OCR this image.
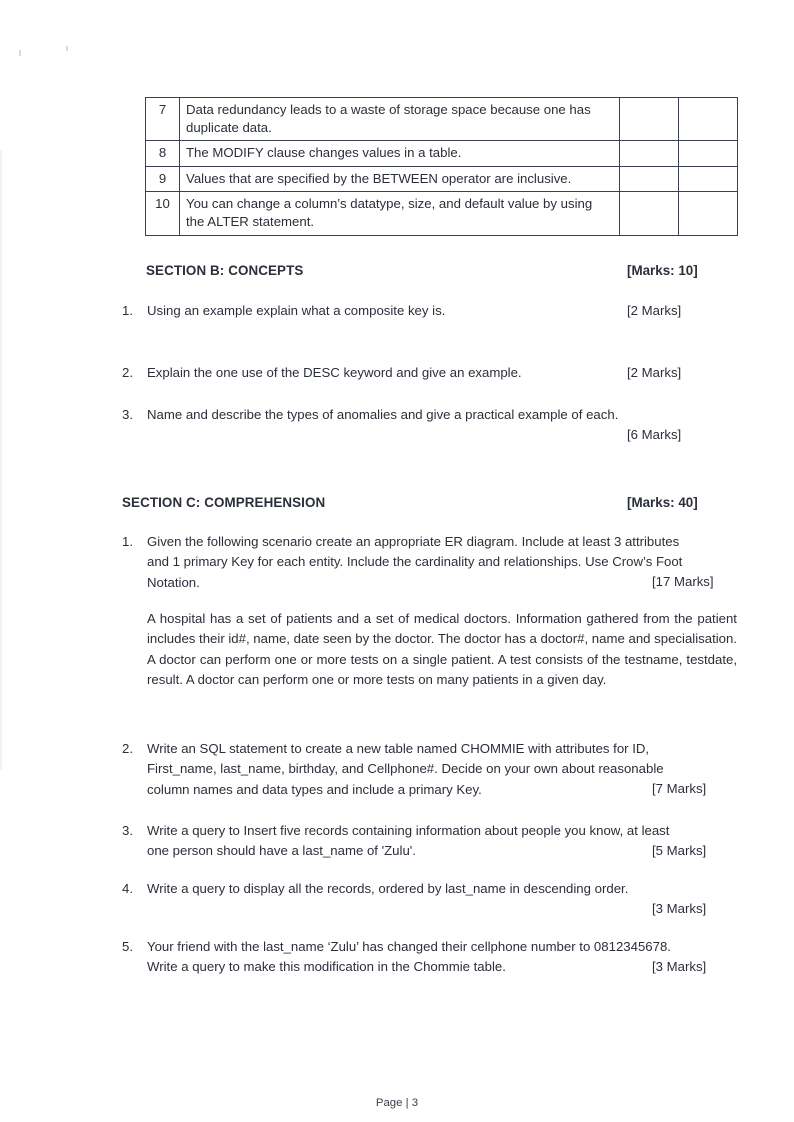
7	Data redundancy leads to a waste of storage space because one has duplicate data.		
8	The MODIFY clause changes values in a table.		
9	Values that are specified by the BETWEEN operator are inclusive.		
10	You can change a column’s datatype, size, and default value by using the ALTER statement.		
SECTION B: CONCEPTS	[Marks: 10]
1.	Using an example explain what a composite key is.	[2 Marks]
2.	Explain the one use of the DESC keyword and give an example.	[2 Marks]
3.	Name and describe the types of anomalies and give a practical example of each.
[6 Marks]
SECTION C: COMPREHENSION	[Marks: 40]
1.	Given the following scenario create an appropriate ER diagram. Include at least 3 attributes
and 1 primary Key for each entity. Include the cardinality and relationships. Use Crow’s Foot
Notation.	[17 Marks]
A hospital has a set of patients and a set of medical doctors. Information gathered from the patient includes their id#, name, date seen by the doctor. The doctor has a doctor#, name and specialisation. A doctor can perform one or more tests on a single patient. A test consists of the testname, testdate, result. A doctor can perform one or more tests on many patients in a given day.
2.	Write an SQL statement to create a new table named CHOMMIE with attributes for ID,
First_name, last_name, birthday, and Cellphone#. Decide on your own about reasonable
column names and data types and include a primary Key.	[7 Marks]
3.	Write a query to Insert five records containing information about people you know, at least
one person should have a last_name of 'Zulu'.	[5 Marks]
4.	Write a query to display all the records, ordered by last_name in descending order.
[3 Marks]
5.	Your friend with the last_name ‘Zulu’ has changed their cellphone number to 0812345678.
Write a query to make this modification in the Chommie table.	[3 Marks]
Page | 3
